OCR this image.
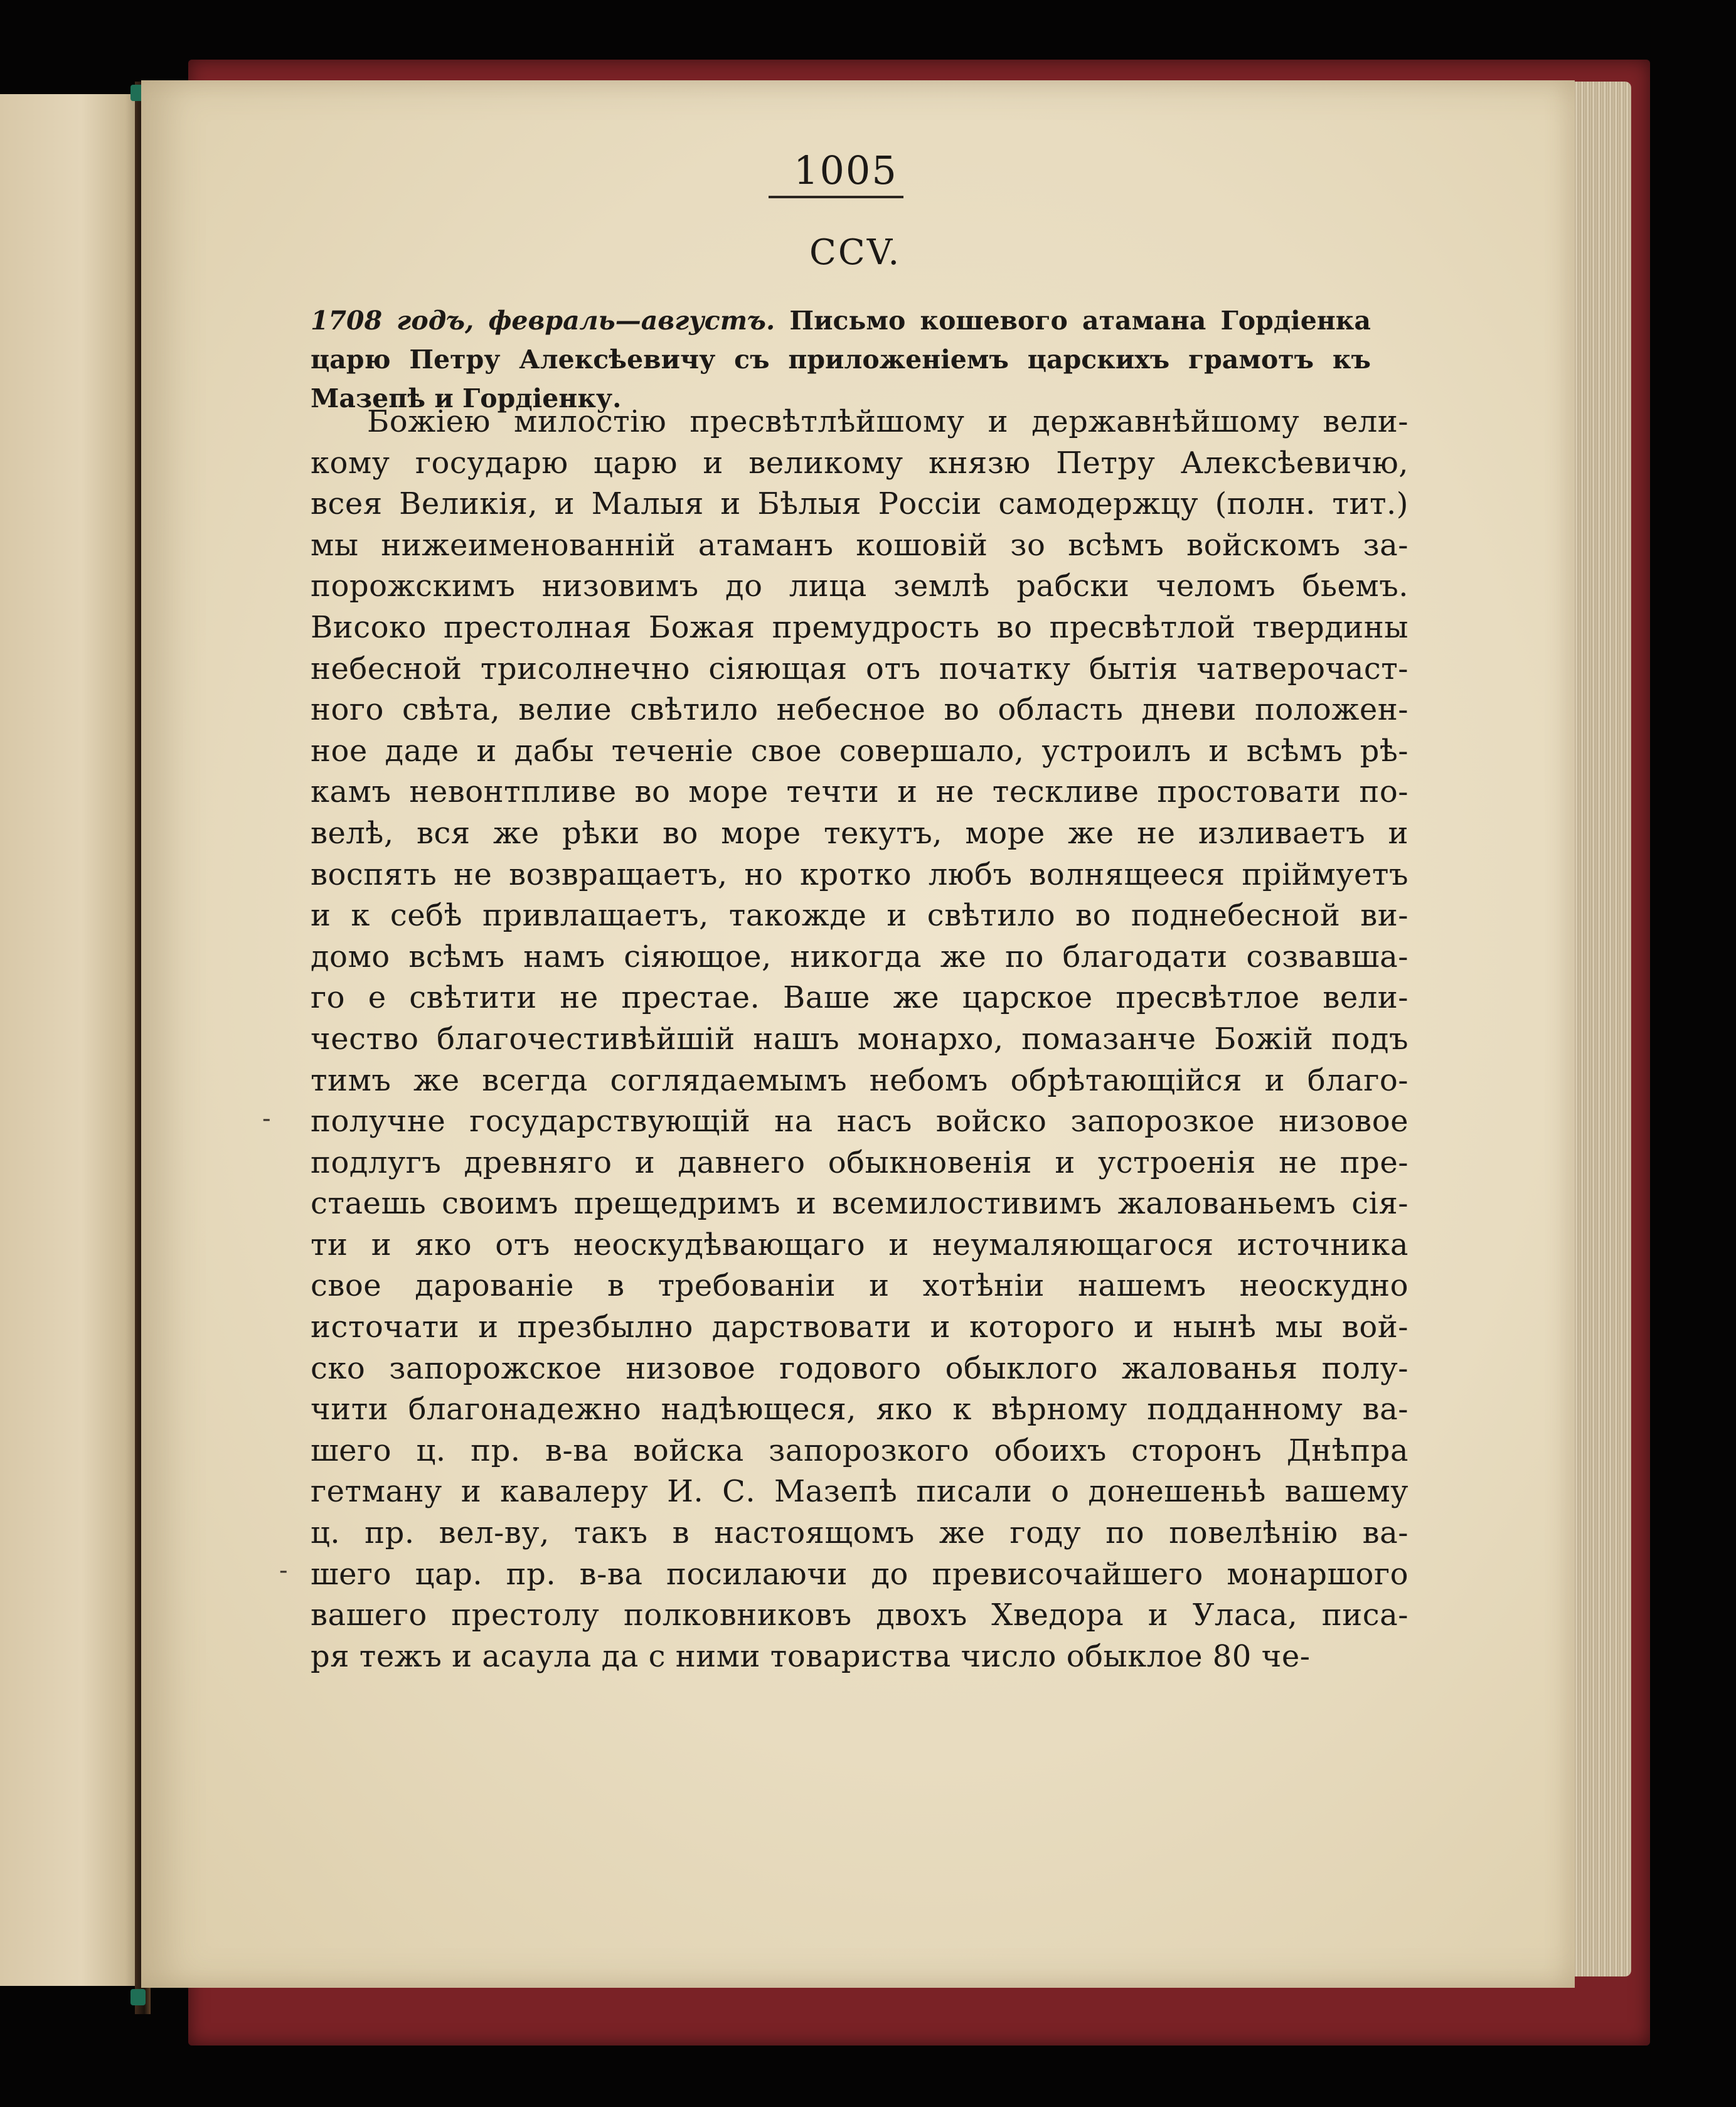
1005
CCV.
1708 годъ, февраль—августъ. Письмо кошевого атамана Гордіенка царю Петру Алексѣевичу съ приложеніемъ царскихъ грамотъ къ Мазепѣ и Гордіенку.
Божіею милостію пресвѣтлѣйшому и державнѣйшому вели-
кому государю царю и великому князю Петру Алексѣевичю,
всея Великія, и Малыя и Бѣлыя Россіи самодержцу (полн. тит.)
мы нижеименованній атаманъ кошовій зо всѣмъ войскомъ за-
порожскимъ низовимъ до лица землѣ рабски челомъ бьемъ.
Високо престолная Божая премудрость во пресвѣтлой твердины
небесной трисолнечно сіяющая отъ початку бытія чатверочаст-
ного свѣта, велие свѣтило небесное во область дневи положен-
ное даде и дабы теченіе свое совершало, устроилъ и всѣмъ рѣ-
камъ невонтпливе во море течти и не тескливе простовати по-
велѣ, вся же рѣки во море текутъ, море же не изливаетъ и
воспять не возвращаетъ, но кротко любъ волнящееся пріймуетъ
и к себѣ привлащаетъ, такожде и свѣтило во поднебесной ви-
домо всѣмъ намъ сіяющое, никогда же по благодати созвавша-
го е свѣтити не престае. Ваше же царское пресвѣтлое вели-
чество благочестивѣйшій нашъ монархо, помазанче Божій подъ
тимъ же всегда соглядаемымъ небомъ обрѣтающійся и благо-
получне государствующій на насъ войско запорозкое низовое
подлугъ древняго и давнего обыкновенія и устроенія не пре-
стаешь своимъ прещедримъ и всемилостивимъ жалованьемъ сія-
ти и яко отъ неоскудѣвающаго и неумаляющагося источника
свое дарованіе в требованіи и хотѣніи нашемъ неоскудно
источати и презбылно дарствовати и которого и нынѣ мы вой-
ско запорожское низовое годового обыклого жалованья полу-
чити благонадежно надѣющеся, яко к вѣрному подданному ва-
шего ц. пр. в-ва войска запорозкого обоихъ сторонъ Днѣпра
гетману и кавалеру И. С. Мазепѣ писали о донешеньѣ вашему
ц. пр. вел-ву, такъ в настоящомъ же году по повелѣнію ва-
шего цар. пр. в-ва посилаючи до превисочайшего монаршого
вашего престолу полковниковъ двохъ Хведора и Уласа, писа-
ря тежъ и асаула да с ними товариства число обыклое 80 че-
-
-
